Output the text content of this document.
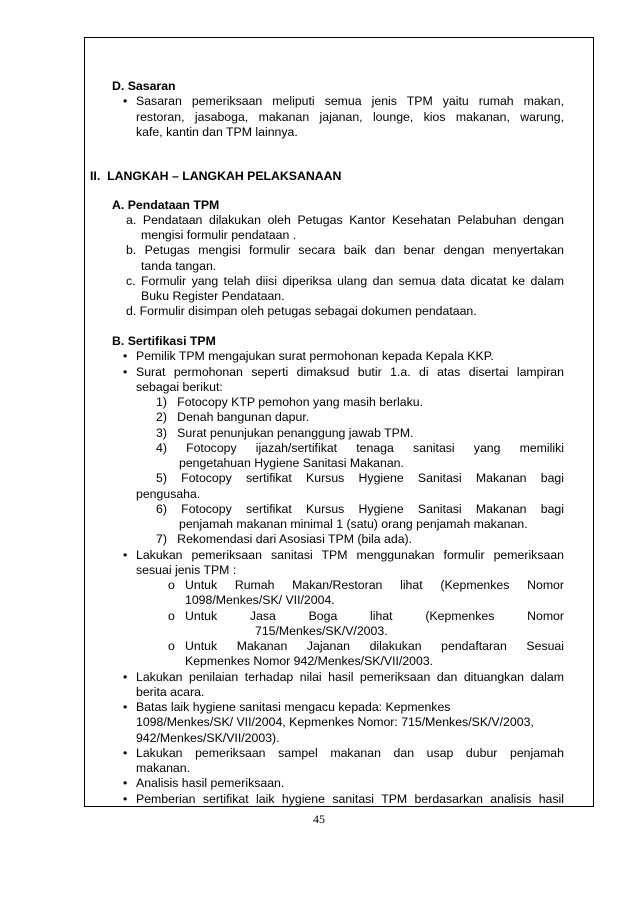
D. Sasaran
• Sasaran pemeriksaan meliputi semua jenis TPM yaitu rumah makan,
restoran, jasaboga, makanan jajanan, lounge, kios makanan, warung,
kafe, kantin dan TPM lainnya.
II.  LANGKAH – LANGKAH PELAKSANAAN
A. Pendataan TPM
a. Pendataan dilakukan oleh Petugas Kantor Kesehatan Pelabuhan dengan
mengisi formulir pendataan .
b. Petugas mengisi formulir secara baik dan benar dengan menyertakan
tanda tangan.
c. Formulir yang telah diisi diperiksa ulang dan semua data dicatat ke dalam
Buku Register Pendataan.
d. Formulir disimpan oleh petugas sebagai dokumen pendataan.
B. Sertifikasi TPM
• Pemilik TPM mengajukan surat permohonan kepada Kepala KKP.
• Surat permohonan seperti dimaksud butir 1.a. di atas disertai lampiran
sebagai berikut:
1)   Fotocopy KTP pemohon yang masih berlaku.
2)   Denah bangunan dapur.
3)   Surat penunjukan penanggung jawab TPM.
4) Fotocopy ijazah/sertifikat tenaga sanitasi yang memiliki
pengetahuan Hygiene Sanitasi Makanan.
5) Fotocopy sertifikat Kursus Hygiene Sanitasi Makanan bagi
pengusaha.
6) Fotocopy sertifikat Kursus Hygiene Sanitasi Makanan bagi
penjamah makanan minimal 1 (satu) orang penjamah makanan.
7)   Rekomendasi dari Asosiasi TPM (bila ada).
• Lakukan pemeriksaan sanitasi TPM menggunakan formulir pemeriksaan
sesuai jenis TPM :
o Untuk Rumah Makan/Restoran lihat (Kepmenkes Nomor
1098/Menkes/SK/ VII/2004.
o Untuk Jasa Boga lihat (Kepmenkes Nomor
715/Menkes/SK/V/2003.
o Untuk Makanan Jajanan dilakukan pendaftaran Sesuai
Kepmenkes Nomor 942/Menkes/SK/VII/2003.
• Lakukan penilaian terhadap nilai hasil pemeriksaan dan dituangkan dalam
berita acara.
• Batas laik hygiene sanitasi mengacu kepada: Kepmenkes
1098/Menkes/SK/ VII/2004, Kepmenkes Nomor: 715/Menkes/SK/V/2003,
942/Menkes/SK/VII/2003).
• Lakukan pemeriksaan sampel makanan dan usap dubur penjamah
makanan.
• Analisis hasil pemeriksaan.
• Pemberian sertifikat laik hygiene sanitasi TPM berdasarkan analisis hasil
45
